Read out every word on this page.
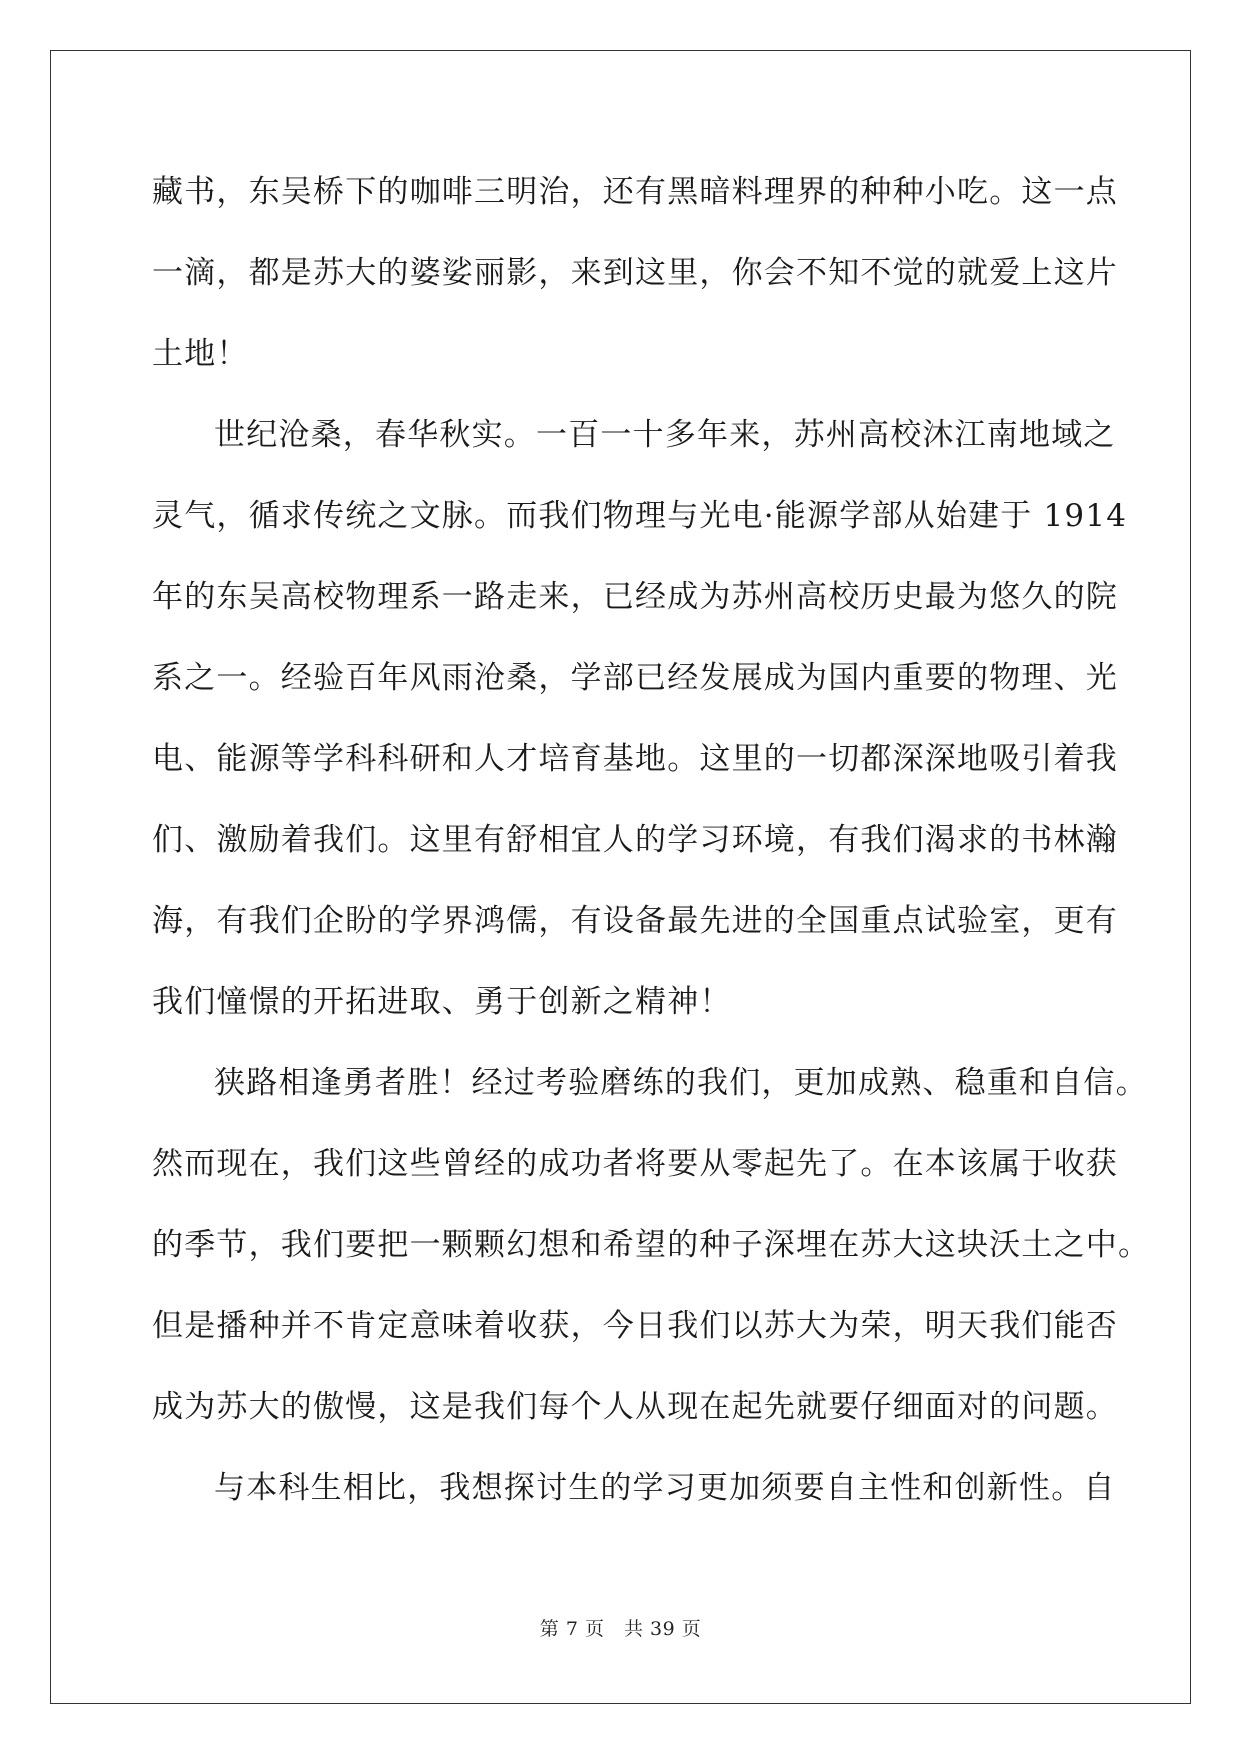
藏书，东吴桥下的咖啡三明治，还有黑暗料理界的种种小吃。这一点
一滴，都是苏大的婆娑丽影，来到这里，你会不知不觉的就爱上这片
土地！
世纪沧桑，春华秋实。一百一十多年来，苏州高校沐江南地域之
灵气，循求传统之文脉。而我们物理与光电·能源学部从始建于 1914
年的东吴高校物理系一路走来，已经成为苏州高校历史最为悠久的院
系之一。经验百年风雨沧桑，学部已经发展成为国内重要的物理、光
电、能源等学科科研和人才培育基地。这里的一切都深深地吸引着我
们、激励着我们。这里有舒相宜人的学习环境，有我们渴求的书林瀚
海，有我们企盼的学界鸿儒，有设备最先进的全国重点试验室，更有
我们憧憬的开拓进取、勇于创新之精神！
狭路相逢勇者胜！经过考验磨练的我们，更加成熟、稳重和自信。
然而现在，我们这些曾经的成功者将要从零起先了。在本该属于收获
的季节，我们要把一颗颗幻想和希望的种子深埋在苏大这块沃土之中。
但是播种并不肯定意味着收获，今日我们以苏大为荣，明天我们能否
成为苏大的傲慢，这是我们每个人从现在起先就要仔细面对的问题。
与本科生相比，我想探讨生的学习更加须要自主性和创新性。自
第 7 页　共 39 页
